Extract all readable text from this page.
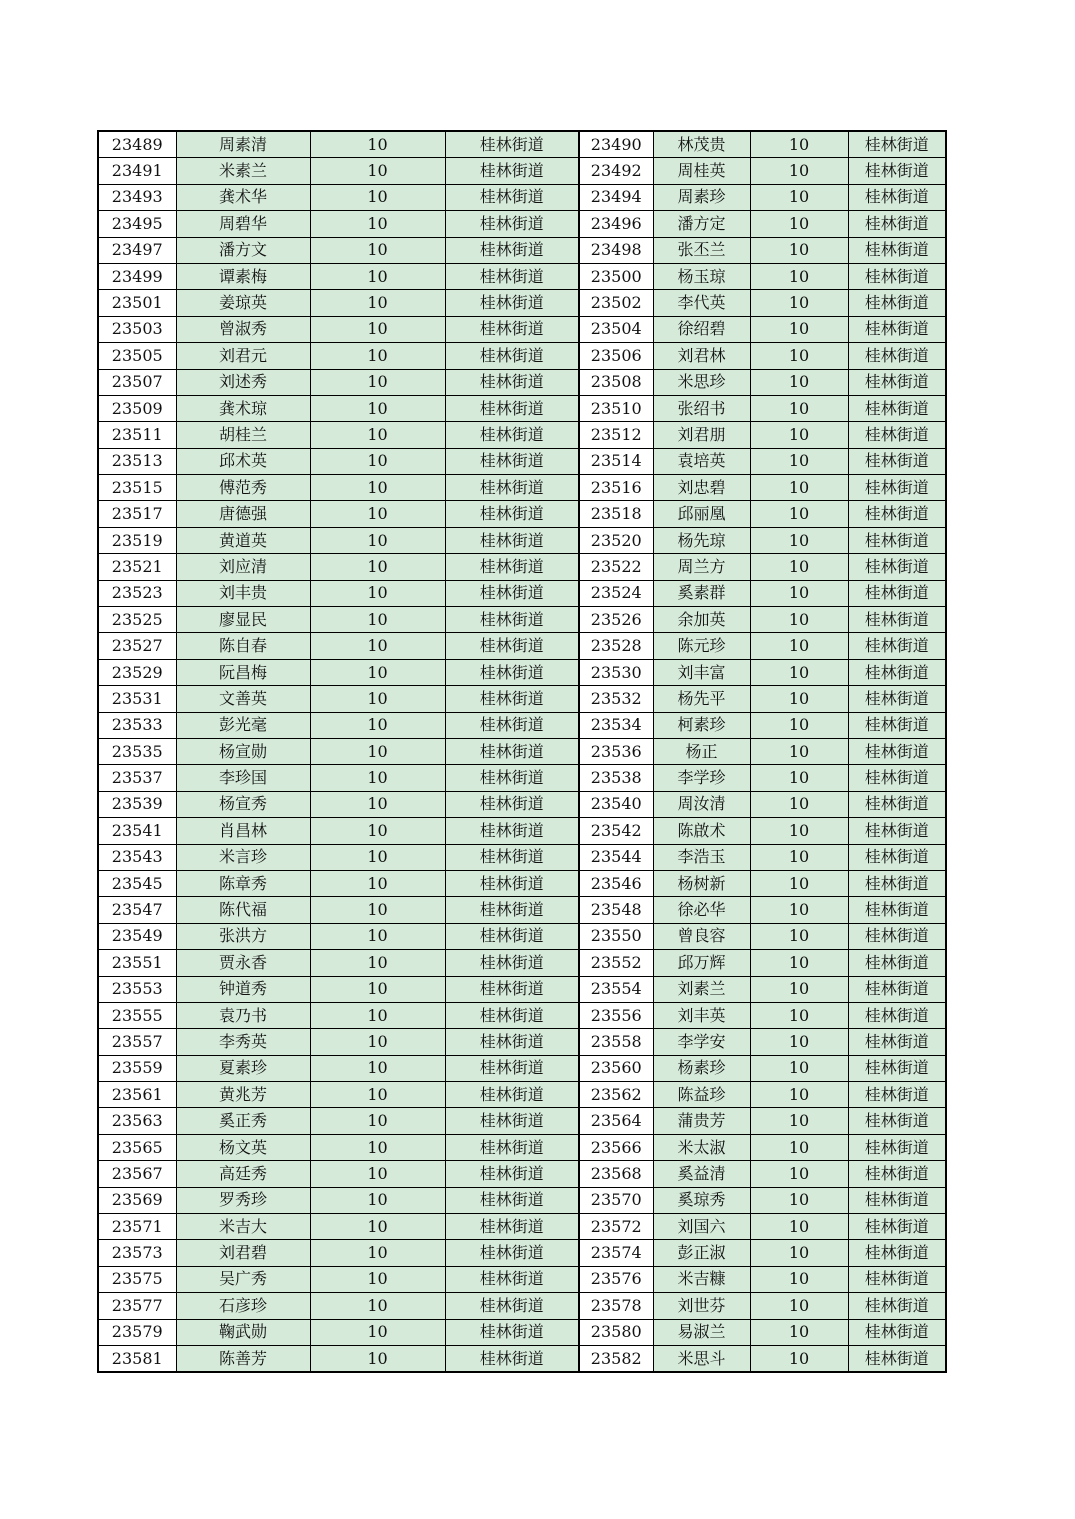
23489	周素清	10	桂林街道	23490	林茂贵	10	桂林街道
23491	米素兰	10	桂林街道	23492	周桂英	10	桂林街道
23493	龚术华	10	桂林街道	23494	周素珍	10	桂林街道
23495	周碧华	10	桂林街道	23496	潘方定	10	桂林街道
23497	潘方文	10	桂林街道	23498	张丕兰	10	桂林街道
23499	谭素梅	10	桂林街道	23500	杨玉琼	10	桂林街道
23501	姜琼英	10	桂林街道	23502	李代英	10	桂林街道
23503	曾淑秀	10	桂林街道	23504	徐绍碧	10	桂林街道
23505	刘君元	10	桂林街道	23506	刘君林	10	桂林街道
23507	刘述秀	10	桂林街道	23508	米思珍	10	桂林街道
23509	龚术琼	10	桂林街道	23510	张绍书	10	桂林街道
23511	胡桂兰	10	桂林街道	23512	刘君朋	10	桂林街道
23513	邱术英	10	桂林街道	23514	袁培英	10	桂林街道
23515	傅范秀	10	桂林街道	23516	刘忠碧	10	桂林街道
23517	唐德强	10	桂林街道	23518	邱丽凰	10	桂林街道
23519	黄道英	10	桂林街道	23520	杨先琼	10	桂林街道
23521	刘应清	10	桂林街道	23522	周兰方	10	桂林街道
23523	刘丰贵	10	桂林街道	23524	奚素群	10	桂林街道
23525	廖显民	10	桂林街道	23526	余加英	10	桂林街道
23527	陈自春	10	桂林街道	23528	陈元珍	10	桂林街道
23529	阮昌梅	10	桂林街道	23530	刘丰富	10	桂林街道
23531	文善英	10	桂林街道	23532	杨先平	10	桂林街道
23533	彭光毫	10	桂林街道	23534	柯素珍	10	桂林街道
23535	杨宣勋	10	桂林街道	23536	杨正	10	桂林街道
23537	李珍国	10	桂林街道	23538	李学珍	10	桂林街道
23539	杨宣秀	10	桂林街道	23540	周汝清	10	桂林街道
23541	肖昌林	10	桂林街道	23542	陈啟术	10	桂林街道
23543	米言珍	10	桂林街道	23544	李浩玉	10	桂林街道
23545	陈章秀	10	桂林街道	23546	杨树新	10	桂林街道
23547	陈代福	10	桂林街道	23548	徐必华	10	桂林街道
23549	张洪方	10	桂林街道	23550	曾良容	10	桂林街道
23551	贾永香	10	桂林街道	23552	邱万辉	10	桂林街道
23553	钟道秀	10	桂林街道	23554	刘素兰	10	桂林街道
23555	袁乃书	10	桂林街道	23556	刘丰英	10	桂林街道
23557	李秀英	10	桂林街道	23558	李学安	10	桂林街道
23559	夏素珍	10	桂林街道	23560	杨素珍	10	桂林街道
23561	黄兆芳	10	桂林街道	23562	陈益珍	10	桂林街道
23563	奚正秀	10	桂林街道	23564	蒲贵芳	10	桂林街道
23565	杨文英	10	桂林街道	23566	米太淑	10	桂林街道
23567	高廷秀	10	桂林街道	23568	奚益清	10	桂林街道
23569	罗秀珍	10	桂林街道	23570	奚琼秀	10	桂林街道
23571	米吉大	10	桂林街道	23572	刘国六	10	桂林街道
23573	刘君碧	10	桂林街道	23574	彭正淑	10	桂林街道
23575	吴广秀	10	桂林街道	23576	米吉糠	10	桂林街道
23577	石彦珍	10	桂林街道	23578	刘世芬	10	桂林街道
23579	鞠武勋	10	桂林街道	23580	易淑兰	10	桂林街道
23581	陈善芳	10	桂林街道	23582	米思斗	10	桂林街道
